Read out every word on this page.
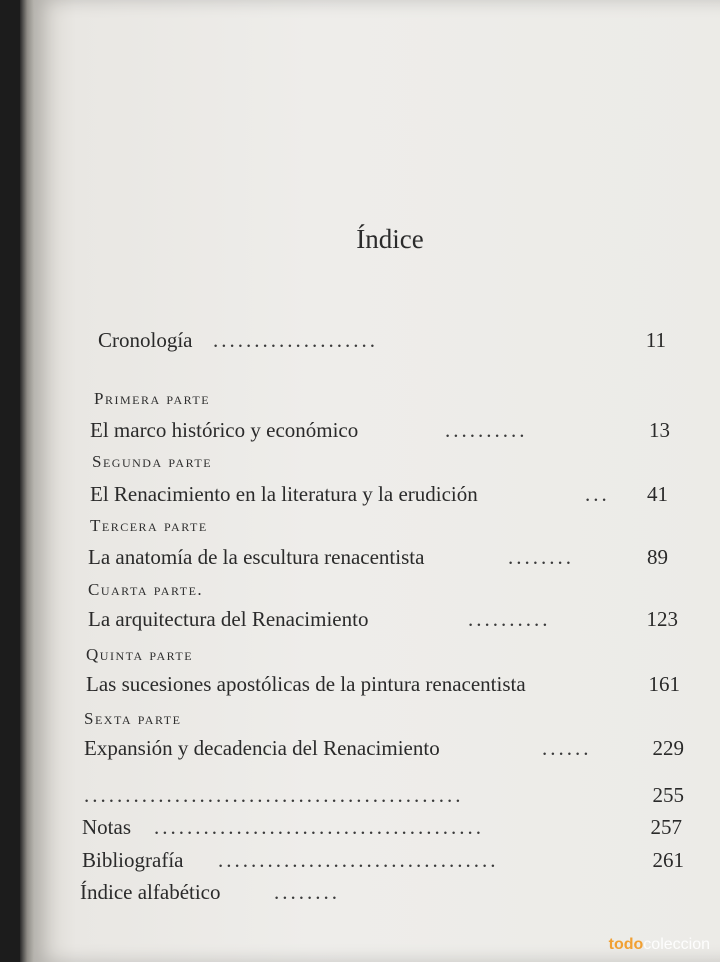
Índice
Cronología ....................	11
Primera parte
El marco histórico y económico	..........	13
Segunda parte
El Renacimiento en la literatura y la erudición	...	41
Tercera parte
La anatomía de la escultura renacentista	........	89
Cuarta parte.
La arquitectura del Renacimiento	..........	123
Quinta parte
Las sucesiones apostólicas de la pintura renacentista	161
Sexta parte
Expansión y decadencia del Renacimiento	......	229
..............................................	255
Notas ........................................	257
Bibliografía ..................................	261
Índice alfabético	........
todocoleccion
